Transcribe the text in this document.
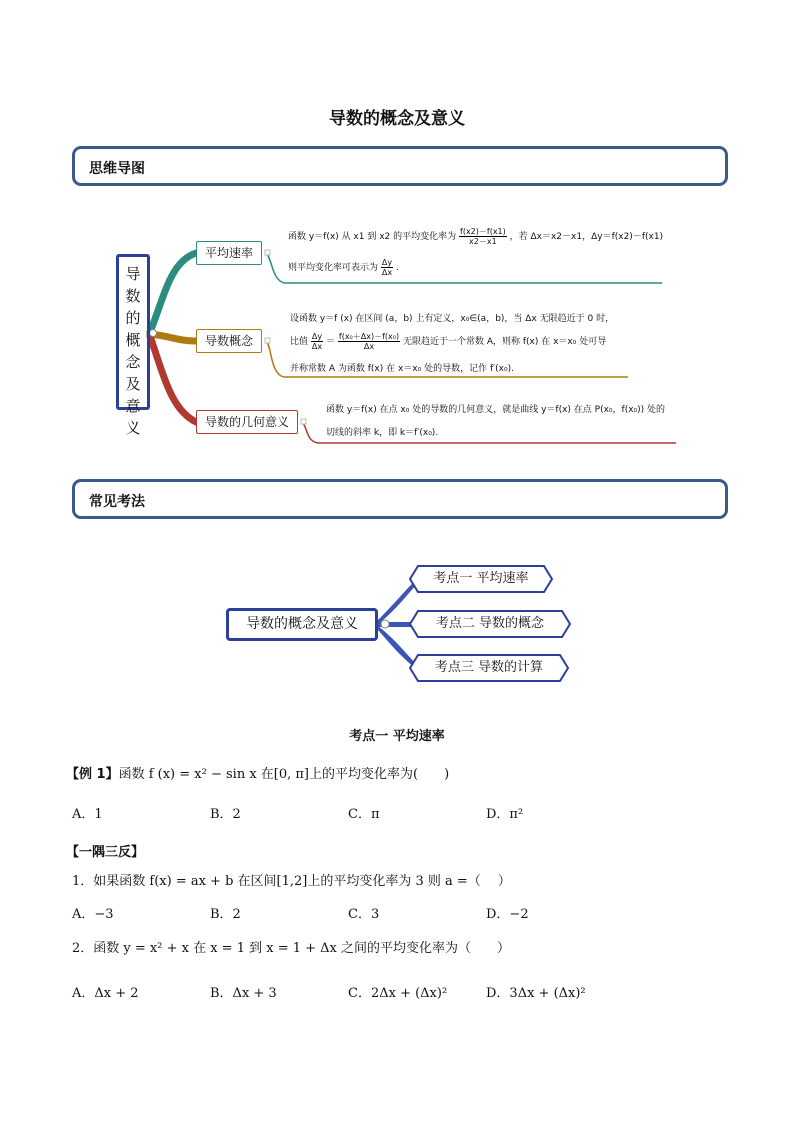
导数的概念及意义
思维导图
导数的概念及意义
平均速率
导数概念
导数的几何意义
函数 y＝f(x) 从 x1 到 x2 的平均变化率为 $\frac{f(x2)-f(x1)}{x2-x1}$ ，若 Δx＝x2－x1，Δy＝f(x2)－f(x1)
则平均变化率可表示为 $\frac{\Delta y}{\Delta x}$ .
设函数 y＝f (x) 在区间 (a，b) 上有定义，x₀∈(a，b)，当 Δx 无限趋近于 0 时，
比值 $\frac{\Delta y}{\Delta x} = \frac{\text{f(x₀＋Δx)－f(x₀)}}{\Delta x}$ 无限趋近于一个常数 A，则称 f(x) 在 x＝x₀ 处可导
并称常数 A 为函数 f(x) 在 x＝x₀ 处的导数，记作 f′(x₀).
函数 y＝f(x) 在点 x₀ 处的导数的几何意义，就是曲线 y＝f(x) 在点 P(x₀，f(x₀)) 处的
切线的斜率 k，即 k＝f′(x₀).
常见考法
导数的概念及意义
考点一 平均速率
考点二 导数的概念
考点三 导数的计算
考点一 平均速率
【例 1】函数 f (x) = x² − sin x 在[0, π]上的平均变化率为(　　)
A．1	B．2	C．π	D．π²
【一隅三反】
1．如果函数 f(x) = ax + b 在区间[1,2]上的平均变化率为 3 则 a =（　 ）
A．−3	B．2	C．3	D．−2
2．函数 y = x² + x 在 x = 1 到 x = 1 + Δx 之间的平均变化率为（　　）
A．Δx + 2	B．Δx + 3	C．2Δx + (Δx)²	D．3Δx + (Δx)²
